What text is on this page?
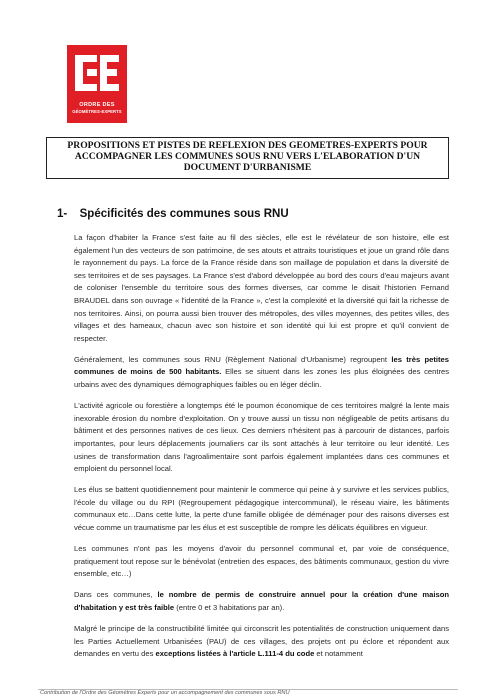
ORDRE DES
GÉOMÈTRES-EXPERTS

PROPOSITIONS ET PISTES DE REFLEXION DES GEOMETRES-EXPERTS POUR ACCOMPAGNER LES COMMUNES SOUS RNU VERS L'ELABORATION D'UN DOCUMENT D'URBANISME

1- Spécificités des communes sous RNU

La façon d'habiter la France s'est faite au fil des siècles, elle est le révélateur de son histoire, elle est également l'un des vecteurs de son patrimoine, de ses atouts et attraits touristiques et joue un grand rôle dans le rayonnement du pays. La force de la France réside dans son maillage de population et dans la diversité de ses territoires et de ses paysages. La France s'est d'abord développée au bord des cours d'eau majeurs avant de coloniser l'ensemble du territoire sous des formes diverses, car comme le disait l'historien Fernand BRAUDEL dans son ouvrage « l'identité de la France », c'est la complexité et la diversité qui fait la richesse de nos territoires. Ainsi, on pourra aussi bien trouver des métropoles, des villes moyennes, des petites villes, des villages et des hameaux, chacun avec son histoire et son identité qui lui est propre et qu'il convient de respecter.

Généralement, les communes sous RNU (Règlement National d'Urbanisme) regroupent les très petites communes de moins de 500 habitants. Elles se situent dans les zones les plus éloignées des centres urbains avec des dynamiques démographiques faibles ou en léger déclin.

L'activité agricole ou forestière a longtemps été le poumon économique de ces territoires malgré la lente mais inexorable érosion du nombre d'exploitation. On y trouve aussi un tissu non négligeable de petits artisans du bâtiment et des personnes natives de ces lieux. Ces derniers n'hésitent pas à parcourir de distances, parfois importantes, pour leurs déplacements journaliers car ils sont attachés à leur territoire ou leur identité. Les usines de transformation dans l'agroalimentaire sont parfois également implantées dans ces communes et emploient du personnel local.

Les élus se battent quotidiennement pour maintenir le commerce qui peine à y survivre et les services publics, l'école du village ou du RPI (Regroupement pédagogique intercommunal), le réseau viaire, les bâtiments communaux etc…Dans cette lutte, la perte d'une famille obligée de déménager pour des raisons diverses est vécue comme un traumatisme par les élus et est susceptible de rompre les délicats équilibres en vigueur.

Les communes n'ont pas les moyens d'avoir du personnel communal et, par voie de conséquence, pratiquement tout repose sur le bénévolat (entretien des espaces, des bâtiments communaux, gestion du vivre ensemble, etc…)

Dans ces communes, le nombre de permis de construire annuel pour la création d'une maison d'habitation y est très faible (entre 0 et 3 habitations par an).

Malgré le principe de la constructibilité limitée qui circonscrit les potentialités de construction uniquement dans les Parties Actuellement Urbanisées (PAU) de ces villages, des projets ont pu éclore et répondent aux demandes en vertu des exceptions listées à l'article L.111-4 du code et notamment

Contribution de l'Ordre des Géomètres Experts pour un accompagnement des communes sous RNU
